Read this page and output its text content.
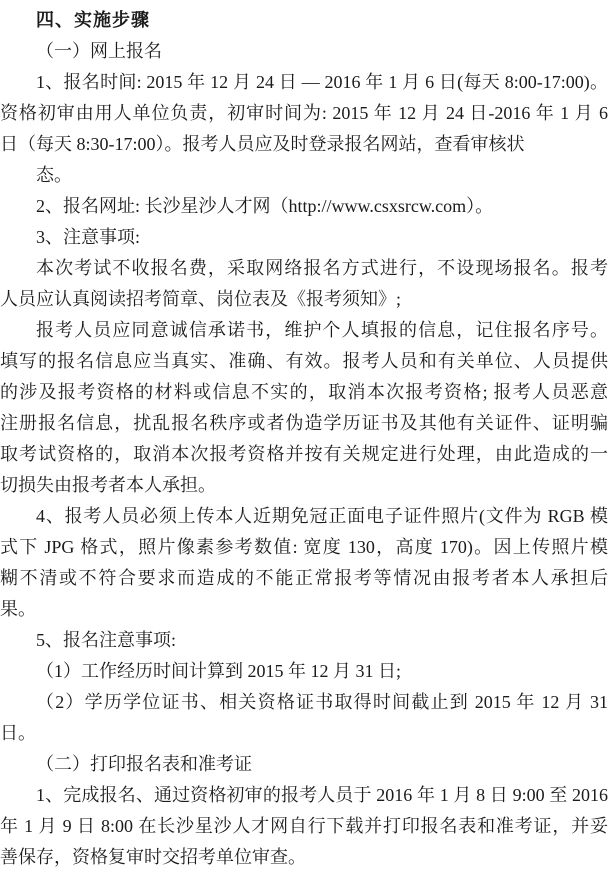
四、实施步骤
（一）网上报名
1、报名时间: 2015 年 12 月 24 日 — 2016 年 1 月 6 日(每天 8:00-17:00)。
资格初审由用人单位负责，初审时间为: 2015 年 12 月 24 日-2016 年 1 月 6
日（每天 8:30-17:00）。报考人员应及时登录报名网站，查看审核状
态。
2、报名网址: 长沙星沙人才网（http://www.csxsrcw.com）。
3、注意事项:
本次考试不收报名费，采取网络报名方式进行，不设现场报名。报考
人员应认真阅读招考简章、岗位表及《报考须知》;
报考人员应同意诚信承诺书，维护个人填报的信息，记住报名序号。
填写的报名信息应当真实、准确、有效。报考人员和有关单位、人员提供
的涉及报考资格的材料或信息不实的，取消本次报考资格; 报考人员恶意
注册报名信息，扰乱报名秩序或者伪造学历证书及其他有关证件、证明骗
取考试资格的，取消本次报考资格并按有关规定进行处理，由此造成的一
切损失由报考者本人承担。
4、报考人员必须上传本人近期免冠正面电子证件照片(文件为 RGB 模
式下 JPG 格式，照片像素参考数值: 宽度 130，高度 170)。因上传照片模
糊不清或不符合要求而造成的不能正常报考等情况由报考者本人承担后
果。
5、报名注意事项:
（1）工作经历时间计算到 2015 年 12 月 31 日;
（2）学历学位证书、相关资格证书取得时间截止到 2015 年 12 月 31
日。
（二）打印报名表和准考证
1、完成报名、通过资格初审的报考人员于 2016 年 1 月 8 日 9:00 至 2016
年 1 月 9 日 8:00 在长沙星沙人才网自行下载并打印报名表和准考证，并妥
善保存，资格复审时交招考单位审查。
